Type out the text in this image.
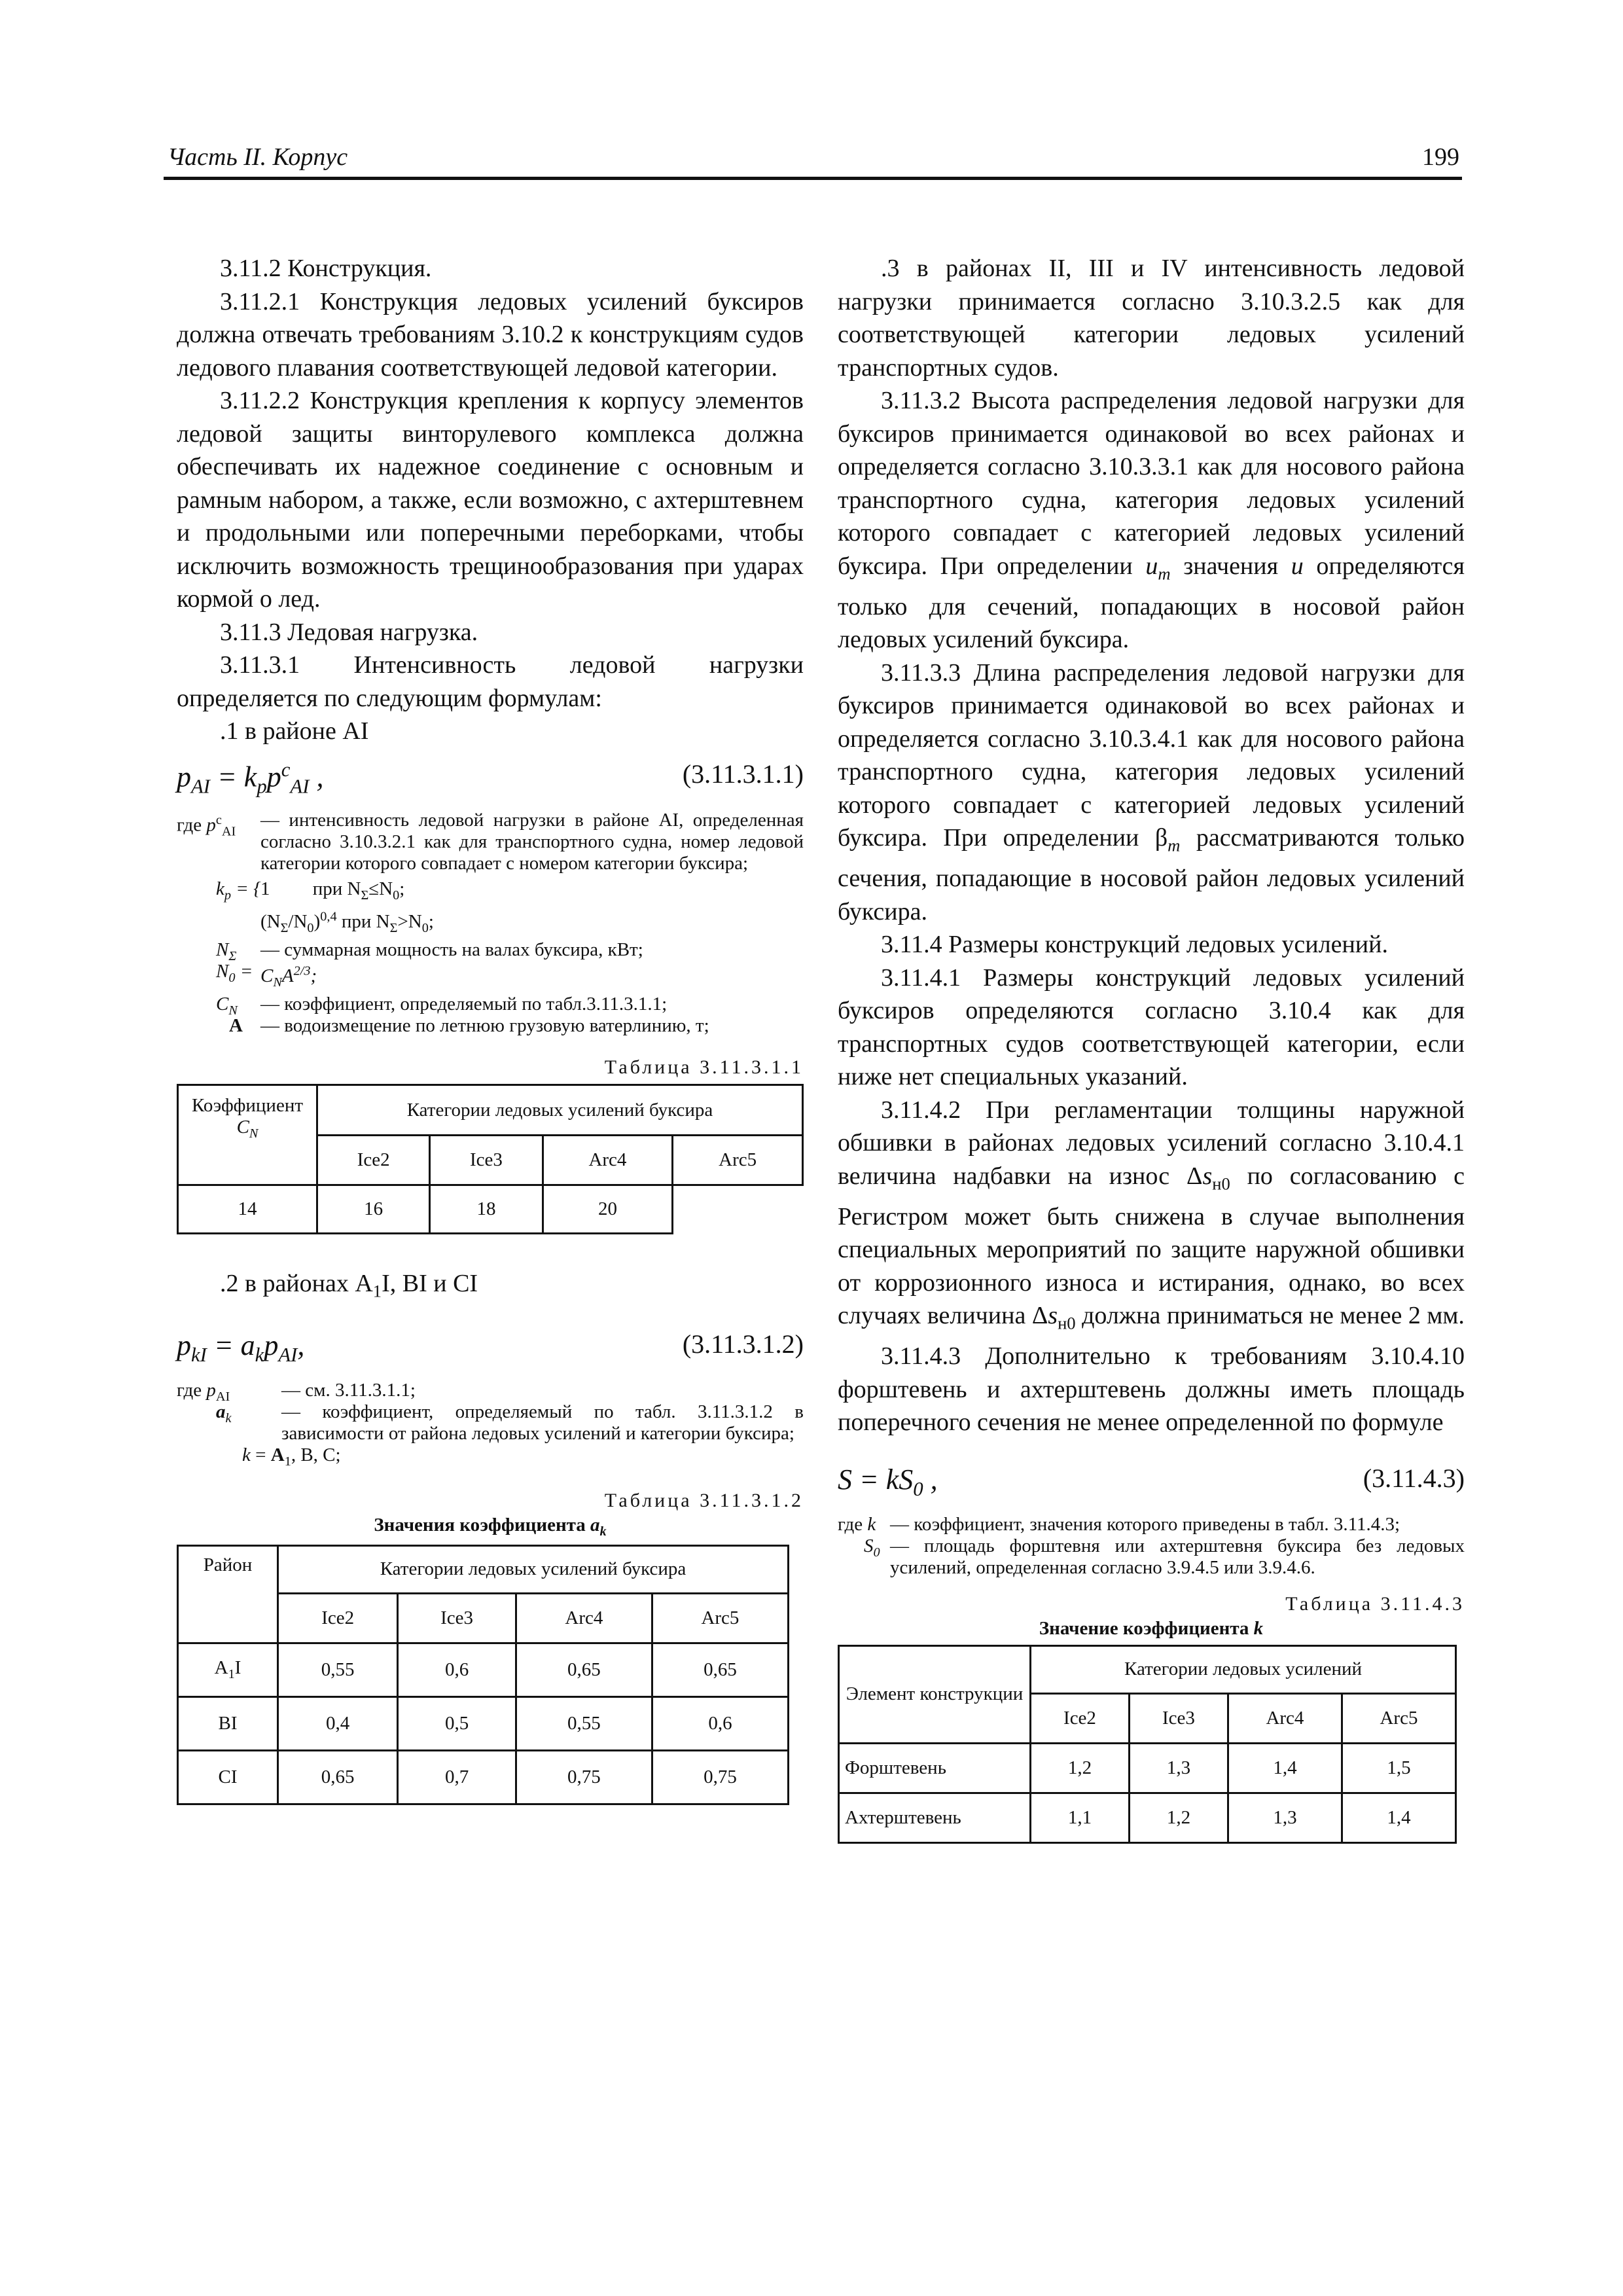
Часть II. Корпус	199

3.11.2 Конструкция.

3.11.2.1 Конструкция ледовых усилений буксиров должна отвечать требованиям 3.10.2 к конструкциям судов ледового плавания соответствующей ледовой категории.

3.11.2.2 Конструкция крепления к корпусу элементов ледовой защиты винторулевого комплекса должна обеспечивать их надежное соединение с основным и рамным набором, а также, если возможно, с ахтерштевнем и продольными или поперечными переборками, чтобы исключить возможность трещинообразования при ударах кормой о лед.

3.11.3 Ледовая нагрузка.

3.11.3.1 Интенсивность ледовой нагрузки определяется по следующим формулам:

.1 в районе AI

$p_{AI} = k_pp^c_{AI}$ ,	(3.11.3.1.1)
где $p^c_{AI}$
— интенсивность ледовой нагрузки в районе AI, определенная согласно 3.10.3.2.1 как для транспортного судна, номер ледовой категории которого совпадает с номером категории буксира;
$k_p$ = { 1         при $N_\Sigma\le N_0$;
$(N_\Sigma/N_0)^{0,4}$ при $N_\Sigma>N_0$;
$N_\Sigma$ — суммарная мощность на валах буксира, кВт;
$N_0 = C_NA^{2/3}$;
$C_N$ — коэффициент, определяемый по табл.3.11.3.1.1;
A — водоизмещение по летнюю грузовую ватерлинию, т;
Таблица 3.11.3.1.1
Коэффициент
$C_N$	Категории ледовых усилений буксира			
	Ice2	Ice3	Arc4	Arc5
14	16	18	20	

.2 в районах $A_1I$, BI и CI

$p_{kI} = a_kp_{AI}$,	(3.11.3.1.2)
где $p_{AI}$	— см. 3.11.3.1.1;
$a_k$	— коэффициент, определяемый по табл. 3.11.3.1.2 в зависимости от района ледовых усилений и категории буксира;
$k = A_1$, B, C;
Таблица 3.11.3.1.2
Значения коэффициента $a_k$
Район	Категории ледовых усилений буксира			
	Ice2	Ice3	Arc4	Arc5
$A_1I$	0,55	0,6	0,65	0,65
BI	0,4	0,5	0,55	0,6
CI	0,65	0,7	0,75	0,75

.3 в районах II, III и IV интенсивность ледовой нагрузки принимается согласно 3.10.3.2.5 как для соответствующей категории ледовых усилений транспортных судов.

3.11.3.2 Высота распределения ледовой нагрузки для буксиров принимается одинаковой во всех районах и определяется согласно 3.10.3.3.1 как для носового района транспортного судна, категория ледовых усилений которого совпадает с категорией ледовых усилений буксира. При определении $u_m$ значения u определяются только для сечений, попадающих в носовой район ледовых усилений буксира.

3.11.3.3 Длина распределения ледовой нагрузки для буксиров принимается одинаковой во всех районах и определяется согласно 3.10.3.4.1 как для носового района транспортного судна, категория ледовых усилений которого совпадает с категорией ледовых усилений буксира. При определении $\beta_m$ рассматриваются только сечения, попадающие в носовой район ледовых усилений буксира.

3.11.4 Размеры конструкций ледовых усилений.

3.11.4.1 Размеры конструкций ледовых усилений буксиров определяются согласно 3.10.4 как для транспортных судов соответствующей категории, если ниже нет специальных указаний.

3.11.4.2 При регламентации толщины наружной обшивки в районах ледовых усилений согласно 3.10.4.1 величина надбавки на износ $\Delta s_{н0}$ по согласованию с Регистром может быть снижена в случае выполнения специальных мероприятий по защите наружной обшивки от коррозионного износа и истирания, однако, во всех случаях величина $\Delta s_{н0}$ должна приниматься не менее 2 мм.

3.11.4.3 Дополнительно к требованиям 3.10.4.10 форштевень и ахтерштевень должны иметь площадь поперечного сечения не менее определенной по формуле

$S = kS_0$ ,	(3.11.4.3)
где k — коэффициент, значения которого приведены в табл. 3.11.4.3;
$S_0$ — площадь форштевня или ахтерштевня буксира без ледовых усилений, определенная согласно 3.9.4.5 или 3.9.4.6.
Таблица 3.11.4.3
Значение коэффициента k
Элемент конструкции	Категории ледовых усилений			
	Ice2	Ice3	Arc4	Arc5
Форштевень	1,2	1,3	1,4	1,5
Ахтерштевень	1,1	1,2	1,3	1,4
